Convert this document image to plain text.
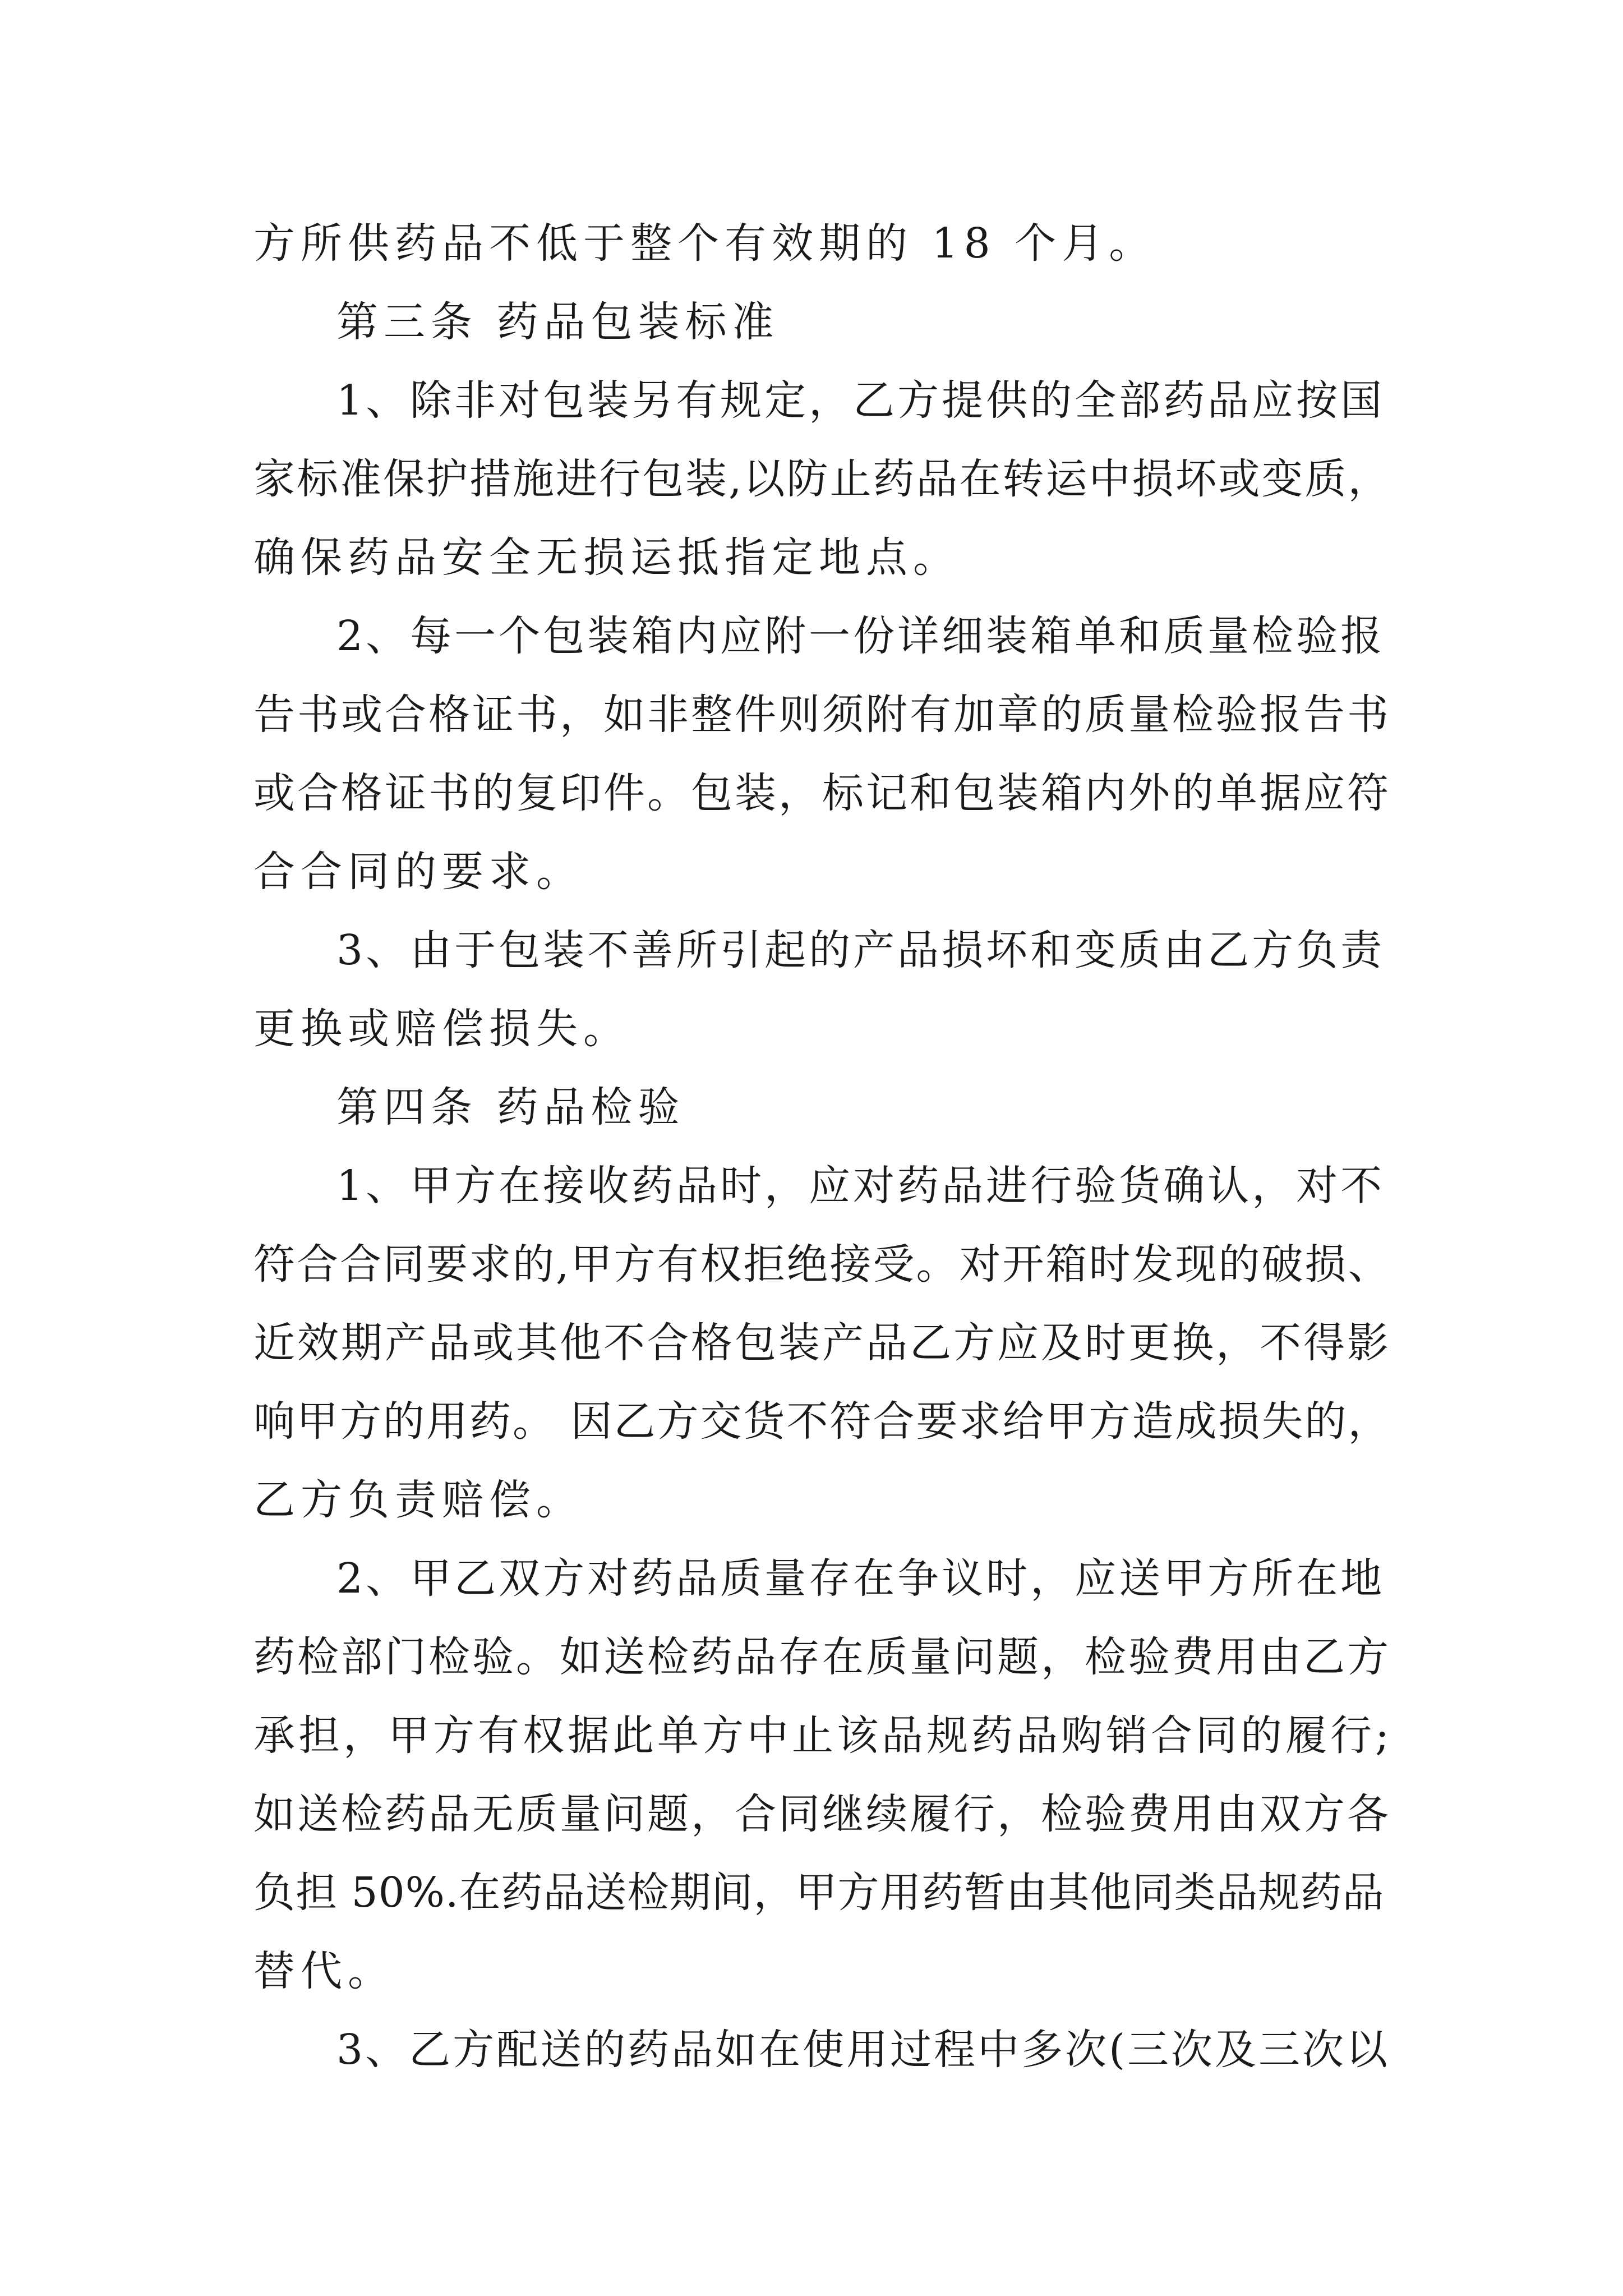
方所供药品不低于整个有效期的 18 个月。
第三条 药品包装标准
1、除非对包装另有规定，乙方提供的全部药品应按国
家标准保护措施进行包装,以防止药品在转运中损坏或变质，
确保药品安全无损运抵指定地点。
2、每一个包装箱内应附一份详细装箱单和质量检验报
告书或合格证书，如非整件则须附有加章的质量检验报告书
或合格证书的复印件。包装，标记和包装箱内外的单据应符
合合同的要求。
3、由于包装不善所引起的产品损坏和变质由乙方负责
更换或赔偿损失。
第四条 药品检验
1、甲方在接收药品时，应对药品进行验货确认，对不
符合合同要求的,甲方有权拒绝接受。对开箱时发现的破损、
近效期产品或其他不合格包装产品乙方应及时更换，不得影
响甲方的用药。 因乙方交货不符合要求给甲方造成损失的，
乙方负责赔偿。
2、甲乙双方对药品质量存在争议时，应送甲方所在地
药检部门检验。如送检药品存在质量问题，检验费用由乙方
承担，甲方有权据此单方中止该品规药品购销合同的履行;
如送检药品无质量问题，合同继续履行，检验费用由双方各
负担 50%.在药品送检期间，甲方用药暂由其他同类品规药品
替代。
3、乙方配送的药品如在使用过程中多次(三次及三次以
